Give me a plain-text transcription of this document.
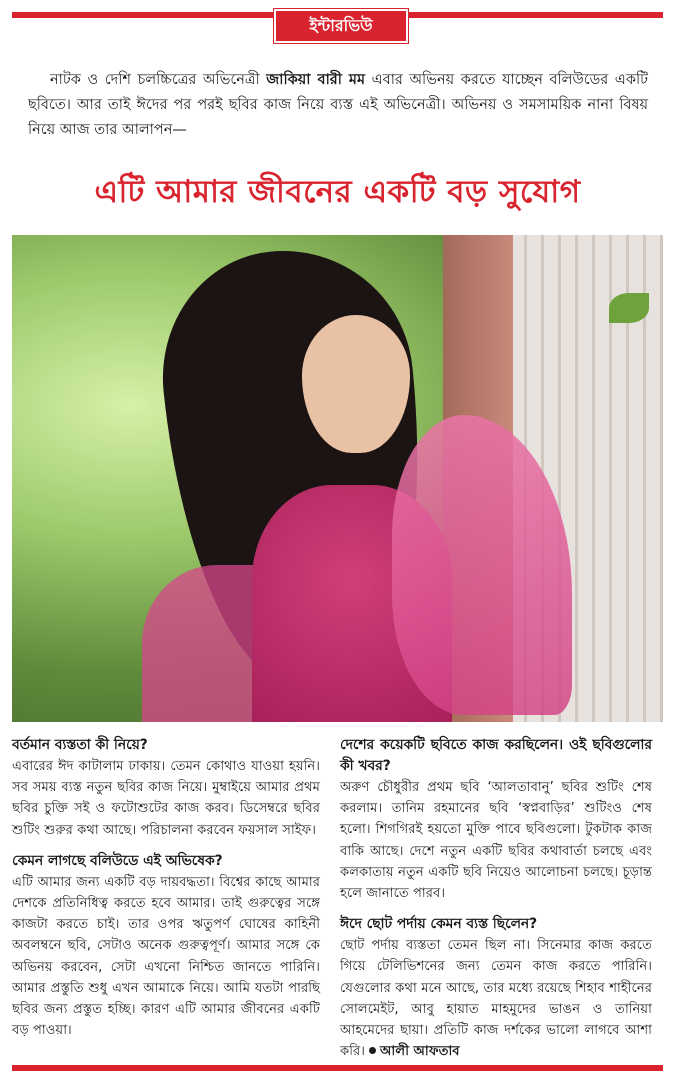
ইন্টারভিউ
নাটক ও দেশি চলচ্চিত্রের অভিনেত্রী জাকিয়া বারী মম এবার অভিনয় করতে যাচ্ছেন বলিউডের একটি ছবিতে। আর তাই ঈদের পর পরই ছবির কাজ নিয়ে ব্যস্ত এই অভিনেত্রী। অভিনয় ও সমসাময়িক নানা বিষয় নিয়ে আজ তার আলাপন—
এটি আমার জীবনের একটি বড় সুযোগ
বর্তমান ব্যস্ততা কী নিয়ে?

এবারের ঈদ কাটালাম ঢাকায়। তেমন কোথাও যাওয়া হয়নি। সব সময় ব্যস্ত নতুন ছবির কাজ নিয়ে। মুম্বাইয়ে আমার প্রথম ছবির চুক্তি সই ও ফটোশুটের কাজ করব। ডিসেম্বরে ছবির শুটিং শুরুর কথা আছে। পরিচালনা করবেন ফয়সাল সাইফ।

কেমন লাগছে বলিউডে এই অভিষেক?

এটি আমার জন্য একটি বড় দায়বদ্ধতা। বিশ্বের কাছে আমার দেশকে প্রতিনিধিত্ব করতে হবে আমার। তাই গুরুত্বের সঙ্গে কাজটা করতে চাই। তার ওপর ঋতুপর্ণ ঘোষের কাহিনী অবলম্বনে ছবি, সেটাও অনেক গুরুত্বপূর্ণ। আমার সঙ্গে কে অভিনয় করবেন, সেটা এখনো নিশ্চিত জানতে পারিনি। আমার প্রস্তুতি শুধু এখন আমাকে নিয়ে। আমি যতটা পারছি ছবির জন্য প্রস্তুত হচ্ছি। কারণ এটি আমার জীবনের একটি বড় পাওয়া।

দেশের কয়েকটি ছবিতে কাজ করছিলেন। ওই ছবিগুলোর কী খবর?

অরুণ চৌধুরীর প্রথম ছবি ‘আলতাবানু’ ছবির শুটিং শেষ করলাম। তানিম রহমানের ছবি ‘স্বপ্নবাড়ির’ শুটিংও শেষ হলো। শিগগিরই হয়তো মুক্তি পাবে ছবিগুলো। টুকটাক কাজ বাকি আছে। দেশে নতুন একটি ছবির কথাবার্তা চলছে এবং কলকাতায় নতুন একটি ছবি নিয়েও আলোচনা চলছে। চূড়ান্ত হলে জানাতে পারব।

ঈদে ছোট পর্দায় কেমন ব্যস্ত ছিলেন?

ছোট পর্দায় ব্যস্ততা তেমন ছিল না। সিনেমার কাজ করতে গিয়ে টেলিভিশনের জন্য তেমন কাজ করতে পারিনি। যেগুলোর কথা মনে আছে, তার মধ্যে রয়েছে শিহাব শাহীনের সোলমেইট, আবু হায়াত মাহমুদের ভাঙন ও তানিয়া আহমেদের ছায়া। প্রতিটি কাজ দর্শকের ভালো লাগবে আশা করি। আলী আফতাব
